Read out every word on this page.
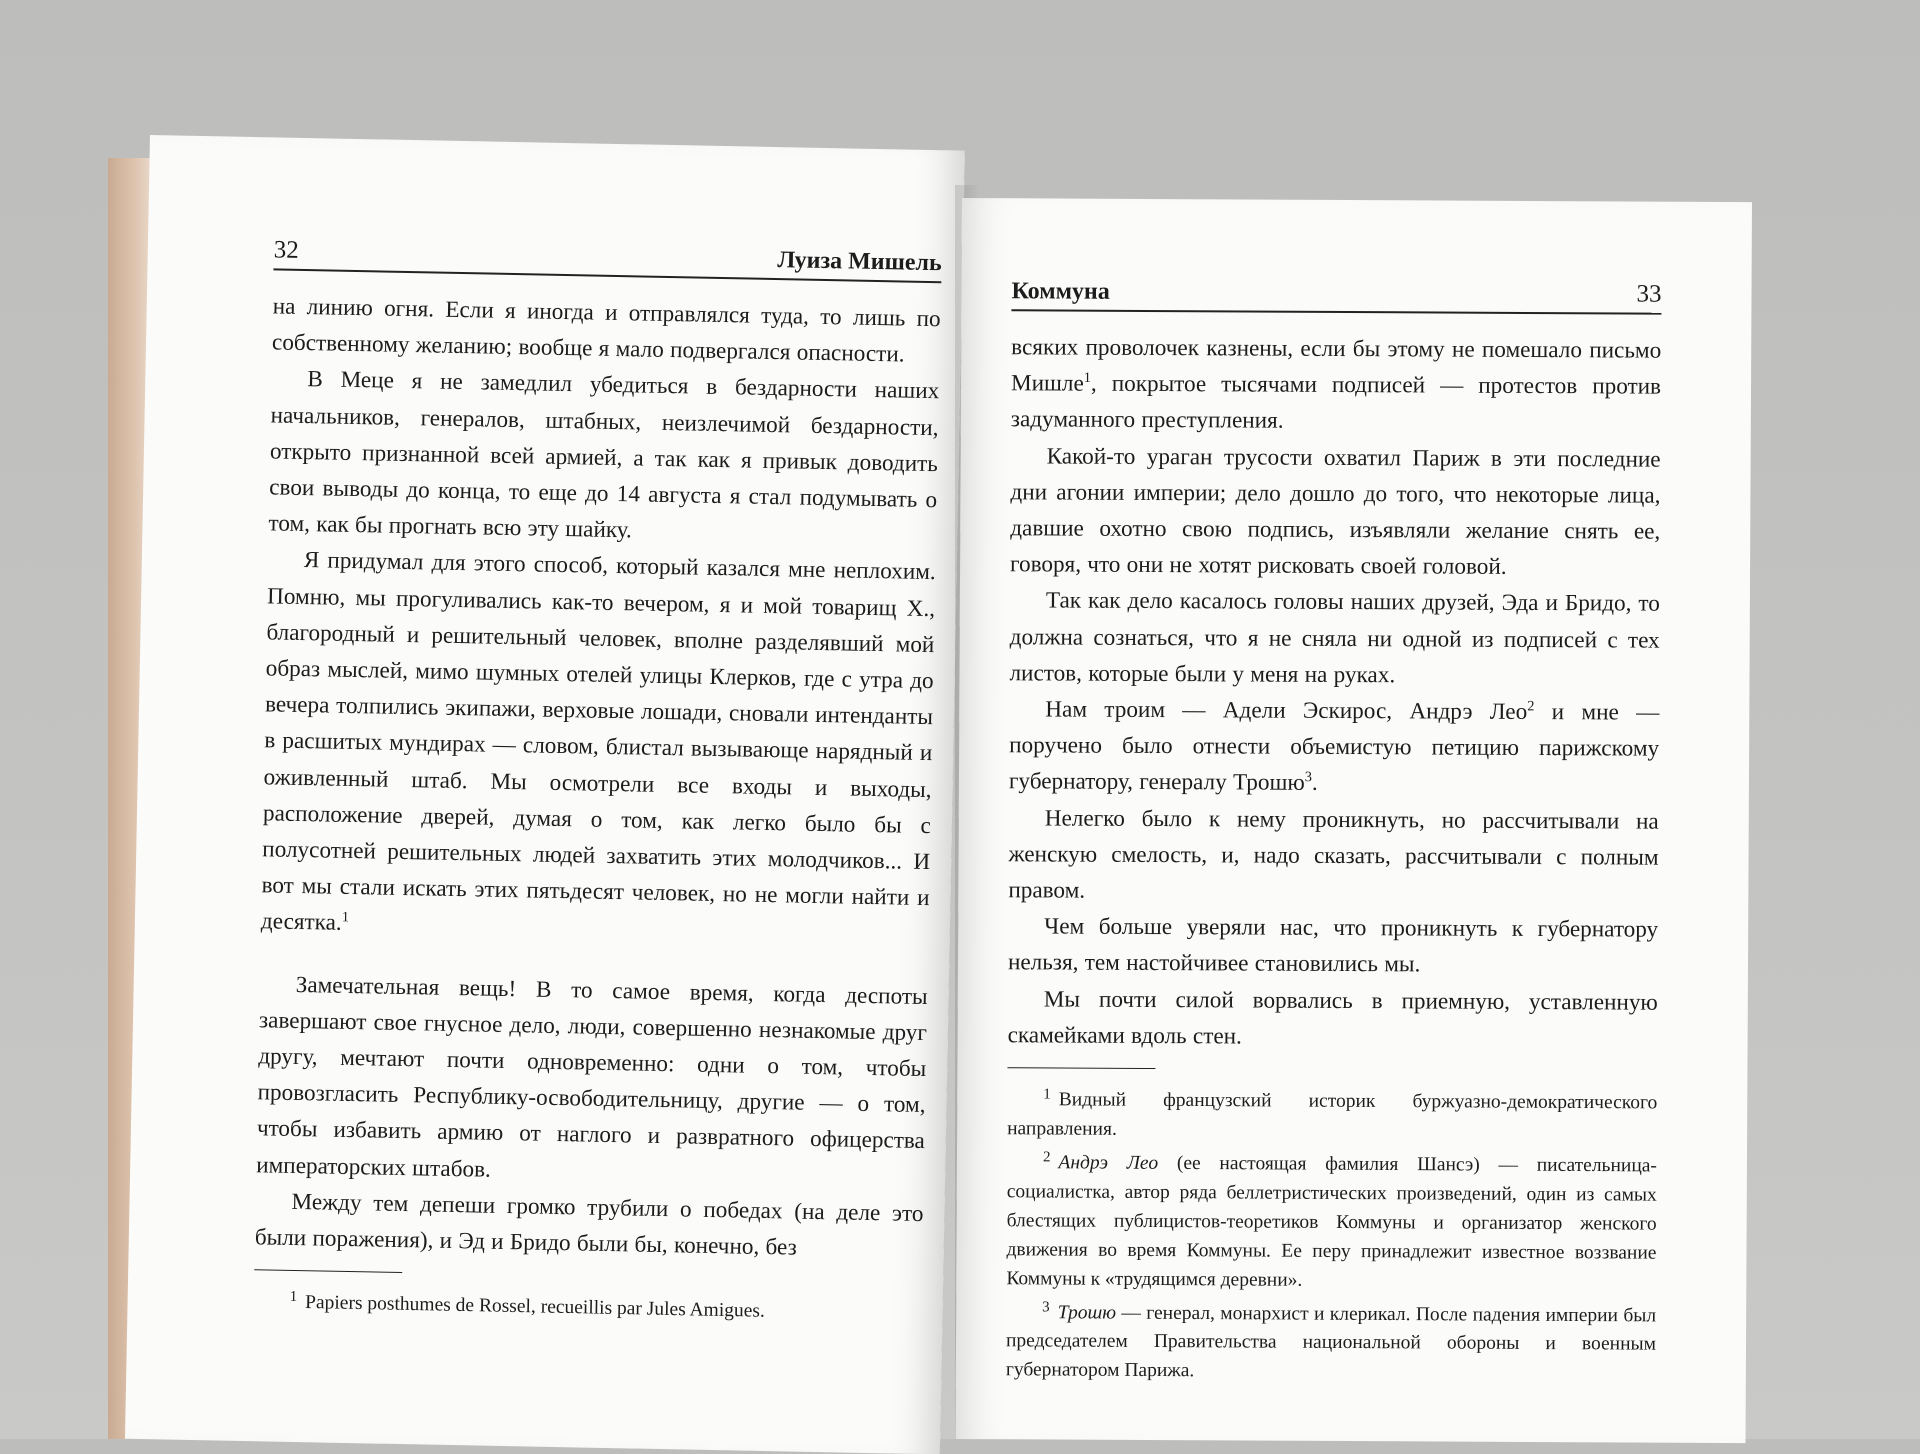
32	Луиза Мишель

на линию огня. Если я иногда и отправлялся туда, то лишь по собственному желанию; вообще я мало подвергался опасности.

В Меце я не замедлил убедиться в бездарности наших начальников, генералов, штабных, неизлечимой бездарности, открыто признанной всей армией, а так как я привык доводить свои выводы до конца, то еще до 14 августа я стал подумывать о том, как бы прогнать всю эту шайку.

Я придумал для этого способ, который казался мне неплохим. Помню, мы прогуливались как-то вечером, я и мой товарищ Х., благородный и решительный человек, вполне разделявший мой образ мыслей, мимо шумных отелей улицы Клерков, где с утра до вечера толпились экипажи, верховые лошади, сновали интенданты в расшитых мундирах — словом, блистал вызывающе нарядный и оживленный штаб. Мы осмотрели все входы и выходы, расположение дверей, думая о том, как легко было бы с полусотней решительных людей захватить этих молодчиков... И вот мы стали искать этих пятьдесят человек, но не могли найти и десятка.$^1$

Замечательная вещь! В то самое время, когда деспоты завершают свое гнусное дело, люди, совершенно незнакомые друг другу, мечтают почти одновременно: одни о том, чтобы провозгласить Республику-освободительницу, другие — о том, чтобы избавить армию от наглого и развратного офицерства императорских штабов.

Между тем депеши громко трубили о победах (на деле это были поражения), и Эд и Бридо были бы, конечно, без

$^1$ Papiers posthumes de Rossel, recueillis par Jules Amigues.

Коммуна	33

всяких проволочек казнены, если бы этому не помешало письмо Мишле$^1$, покрытое тысячами подписей — протестов против задуманного преступления.

Какой-то ураган трусости охватил Париж в эти последние дни агонии империи; дело дошло до того, что некоторые лица, давшие охотно свою подпись, изъявляли желание снять ее, говоря, что они не хотят рисковать своей головой.

Так как дело касалось головы наших друзей, Эда и Бридо, то должна сознаться, что я не сняла ни одной из подписей с тех листов, которые были у меня на руках.

Нам троим — Адели Эскирос, Андрэ Лео$^2$ и мне — поручено было отнести объемистую петицию парижскому губернатору, генералу Трошю$^3$.

Нелегко было к нему проникнуть, но рассчитывали на женскую смелость, и, надо сказать, рассчитывали с полным правом.

Чем больше уверяли нас, что проникнуть к губернатору нельзя, тем настойчивее становились мы.

Мы почти силой ворвались в приемную, уставленную скамейками вдоль стен.

$^1$ Видный французский историк буржуазно-демократического направления.

$^2$ Андрэ Лео (ее настоящая фамилия Шансэ) — писательница-социалистка, автор ряда беллетристических произведений, один из самых блестящих публицистов-теоретиков Коммуны и организатор женского движения во время Коммуны. Ее перу принадлежит известное воззвание Коммуны к «трудящимся деревни».

$^3$ Трошю — генерал, монархист и клерикал. После падения империи был председателем Правительства национальной обороны и военным губернатором Парижа.
